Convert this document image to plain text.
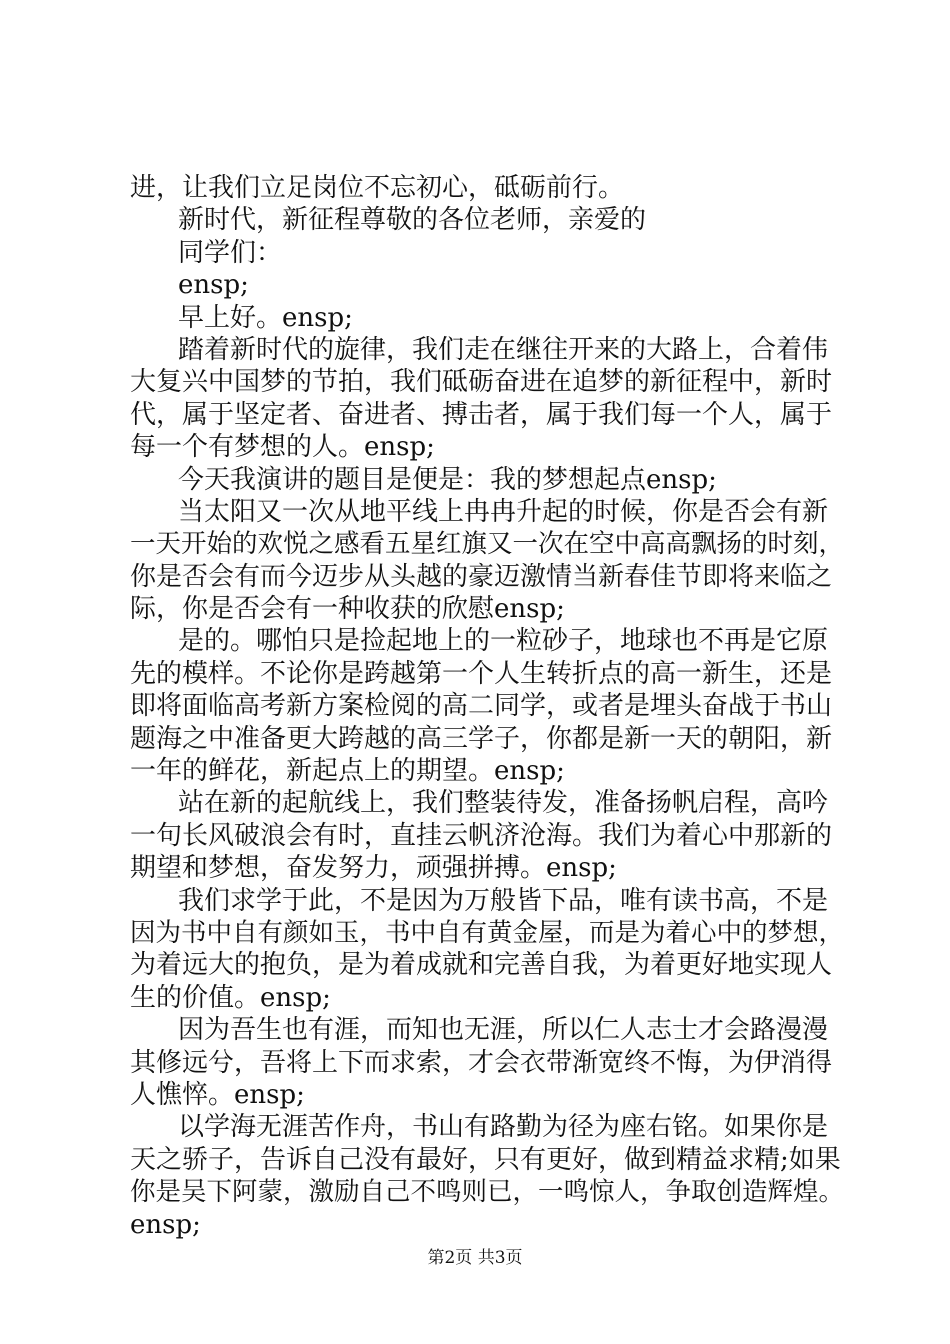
进，让我们立足岗位不忘初心，砥砺前行。
新时代，新征程尊敬的各位老师，亲爱的
同学们：
ensp;
早上好。ensp;
踏着新时代的旋律，我们走在继往开来的大路上，合着伟
大复兴中国梦的节拍，我们砥砺奋进在追梦的新征程中，新时
代，属于坚定者、奋进者、搏击者，属于我们每一个人，属于
每一个有梦想的人。ensp;
今天我演讲的题目是便是：我的梦想起点ensp;
当太阳又一次从地平线上冉冉升起的时候，你是否会有新
一天开始的欢悦之感看五星红旗又一次在空中高高飘扬的时刻，
你是否会有而今迈步从头越的豪迈激情当新春佳节即将来临之
际，你是否会有一种收获的欣慰ensp;
是的。哪怕只是捡起地上的一粒砂子，地球也不再是它原
先的模样。不论你是跨越第一个人生转折点的高一新生，还是
即将面临高考新方案检阅的高二同学，或者是埋头奋战于书山
题海之中准备更大跨越的高三学子，你都是新一天的朝阳，新
一年的鲜花，新起点上的期望。ensp;
站在新的起航线上，我们整装待发，准备扬帆启程，高吟
一句长风破浪会有时，直挂云帆济沧海。我们为着心中那新的
期望和梦想，奋发努力，顽强拼搏。ensp;
我们求学于此，不是因为万般皆下品，唯有读书高，不是
因为书中自有颜如玉，书中自有黄金屋，而是为着心中的梦想，
为着远大的抱负，是为着成就和完善自我，为着更好地实现人
生的价值。ensp;
因为吾生也有涯，而知也无涯，所以仁人志士才会路漫漫
其修远兮，吾将上下而求索，才会衣带渐宽终不悔，为伊消得
人憔悴。ensp;
以学海无涯苦作舟，书山有路勤为径为座右铭。如果你是
天之骄子，告诉自己没有最好，只有更好，做到精益求精;如果
你是吴下阿蒙，激励自己不鸣则已，一鸣惊人，争取创造辉煌。
ensp;
第2页 共3页
